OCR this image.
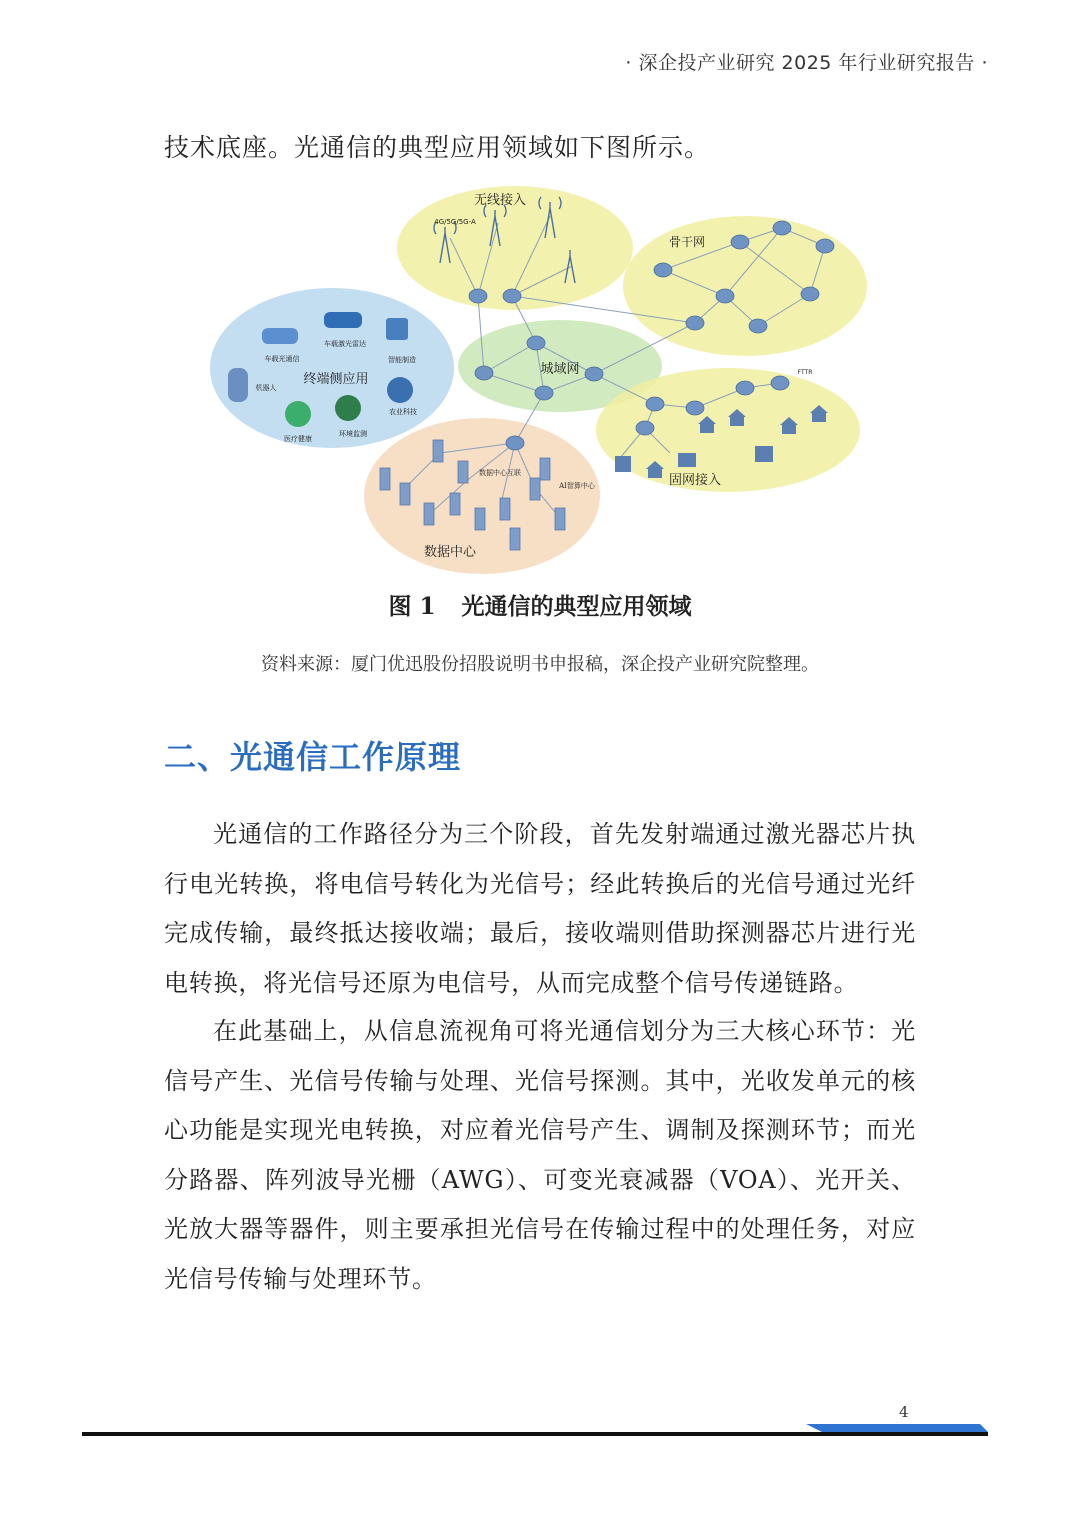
· 深企投产业研究 2025 年行业研究报告 ·
技术底座。光通信的典型应用领域如下图所示。
无线接入
4G/5G/5G-A
骨干网
城域网
终端侧应用
车载光通信
车载激光雷达
智能制造
机器人
医疗健康
环境监测
农业科技
固网接入
FTTR
数据中心
数据中心互联
AI智算中心
图 1 光通信的典型应用领域
资料来源：厦门优迅股份招股说明书申报稿，深企投产业研究院整理。
二、光通信工作原理
光通信的工作路径分为三个阶段，首先发射端通过激光器芯片执行电光转换，将电信号转化为光信号；经此转换后的光信号通过光纤完成传输，最终抵达接收端；最后，接收端则借助探测器芯片进行光电转换，将光信号还原为电信号，从而完成整个信号传递链路。
在此基础上，从信息流视角可将光通信划分为三大核心环节：光信号产生、光信号传输与处理、光信号探测。其中，光收发单元的核心功能是实现光电转换，对应着光信号产生、调制及探测环节；而光分路器、阵列波导光栅（AWG）、可变光衰减器（VOA）、光开关、光放大器等器件，则主要承担光信号在传输过程中的处理任务，对应光信号传输与处理环节。
4
